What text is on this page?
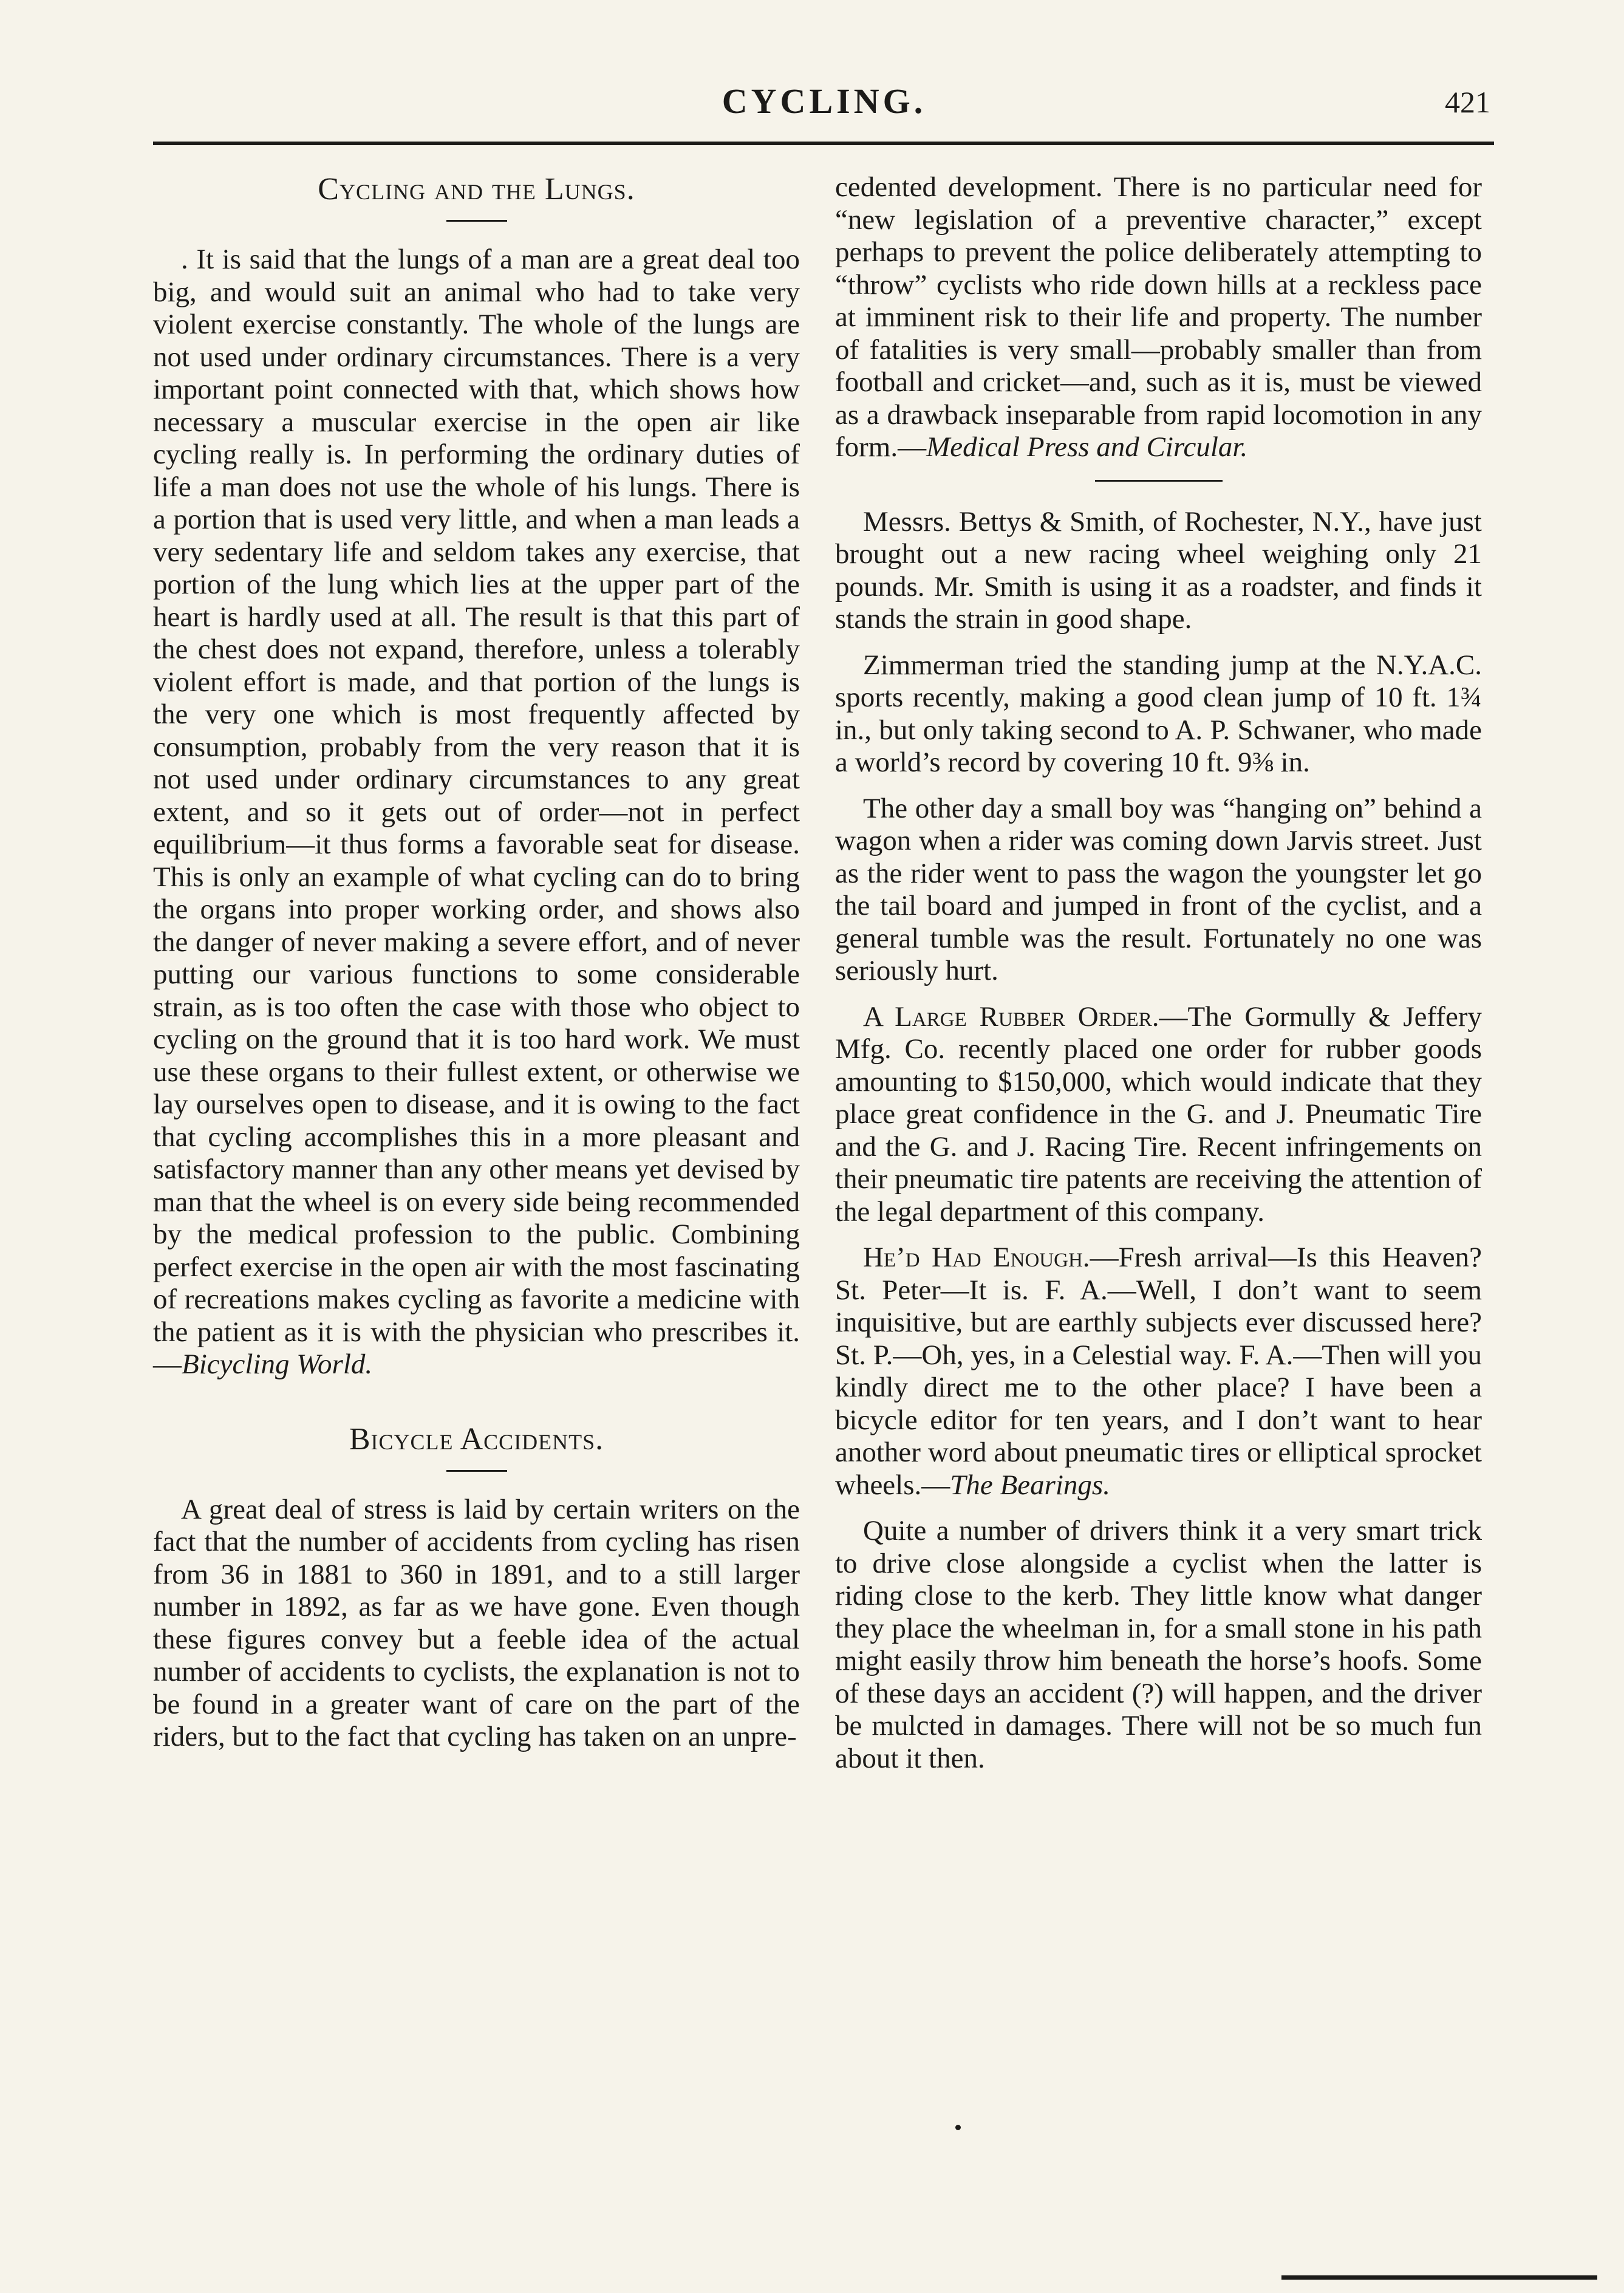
CYCLING.	421
Cycling and the Lungs.

. It is said that the lungs of a man are a great deal too big, and would suit an animal who had to take very violent exercise constantly. The whole of the lungs are not used under ordinary circumstances. There is a very important point connected with that, which shows how necessary a muscular exercise in the open air like cycling really is. In performing the ordinary duties of life a man does not use the whole of his lungs. There is a portion that is used very little, and when a man leads a very sedentary life and seldom takes any exercise, that portion of the lung which lies at the upper part of the heart is hardly used at all. The result is that this part of the chest does not expand, therefore, unless a tolerably violent effort is made, and that portion of the lungs is the very one which is most frequently affected by consumption, probably from the very reason that it is not used under ordinary circumstances to any great extent, and so it gets out of order—not in perfect equilibrium—it thus forms a favorable seat for disease. This is only an example of what cycling can do to bring the organs into proper working order, and shows also the danger of never making a severe effort, and of never putting our various functions to some considerable strain, as is too often the case with those who object to cycling on the ground that it is too hard work. We must use these organs to their fullest extent, or otherwise we lay ourselves open to disease, and it is owing to the fact that cycling accomplishes this in a more pleasant and satisfactory manner than any other means yet devised by man that the wheel is on every side being recommended by the medical profession to the public. Combining perfect exercise in the open air with the most fascinating of recreations makes cycling as favorite a medicine with the patient as it is with the physician who prescribes it.—Bicycling World.

Bicycle Accidents.

A great deal of stress is laid by certain writers on the fact that the number of accidents from cycling has risen from 36 in 1881 to 360 in 1891, and to a still larger number in 1892, as far as we have gone. Even though these figures convey but a feeble idea of the actual number of accidents to cyclists, the explanation is not to be found in a greater want of care on the part of the riders, but to the fact that cycling has taken on an unpre-

cedented development. There is no particular need for “new legislation of a preventive character,” except perhaps to prevent the police deliberately attempting to “throw” cyclists who ride down hills at a reckless pace at imminent risk to their life and property. The number of fatalities is very small—probably smaller than from football and cricket—and, such as it is, must be viewed as a drawback inseparable from rapid locomotion in any form.—Medical Press and Circular.

Messrs. Bettys & Smith, of Rochester, N.Y., have just brought out a new racing wheel weighing only 21 pounds. Mr. Smith is using it as a roadster, and finds it stands the strain in good shape.

Zimmerman tried the standing jump at the N.Y.A.C. sports recently, making a good clean jump of 10 ft. 1¾ in., but only taking second to A. P. Schwaner, who made a world’s record by covering 10 ft. 9⅜ in.

The other day a small boy was “hanging on” behind a wagon when a rider was coming down Jarvis street. Just as the rider went to pass the wagon the youngster let go the tail board and jumped in front of the cyclist, and a general tumble was the result. Fortunately no one was seriously hurt.

A Large Rubber Order.—The Gormully & Jeffery Mfg. Co. recently placed one order for rubber goods amounting to $150,000, which would indicate that they place great confidence in the G. and J. Pneumatic Tire and the G. and J. Racing Tire. Recent infringements on their pneumatic tire patents are receiving the attention of the legal department of this company.

He’d Had Enough.—Fresh arrival—Is this Heaven? St. Peter—It is. F. A.—Well, I don’t want to seem inquisitive, but are earthly subjects ever discussed here? St. P.—Oh, yes, in a Celestial way. F. A.—Then will you kindly direct me to the other place? I have been a bicycle editor for ten years, and I don’t want to hear another word about pneumatic tires or elliptical sprocket wheels.—The Bearings.

Quite a number of drivers think it a very smart trick to drive close alongside a cyclist when the latter is riding close to the kerb. They little know what danger they place the wheelman in, for a small stone in his path might easily throw him beneath the horse’s hoofs. Some of these days an accident (?) will happen, and the driver be mulcted in damages. There will not be so much fun about it then.
